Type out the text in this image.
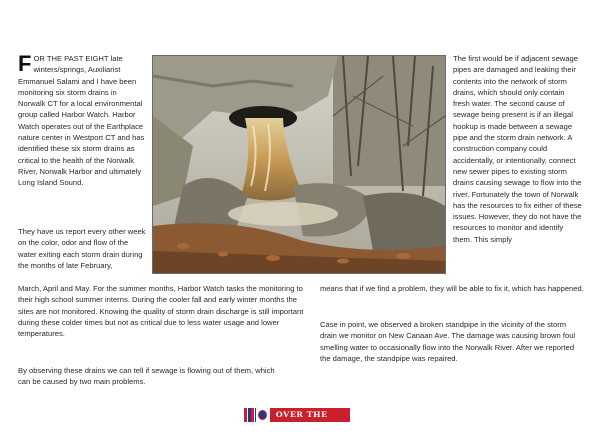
FOR THE PAST EIGHT late winters/springs, Auxiliarist Emmanuel Salami and I have been monitoring six storm drains in Norwalk CT for a local environmental group called Harbor Watch. Harbor Watch operates out of the Earthplace nature center in Westport CT and has identified these six storm drains as critical to the health of the Norwalk River, Norwalk Harbor and ultimately Long Island Sound.

They have us report every other week on the color, odor and flow of the water exiting each storm drain during the months of late February,

The first would be if adjacent sewage pipes are damaged and leaking their contents into the network of storm drains, which should only contain fresh water. The second cause of sewage being present is if an illegal hookup is made between a sewage pipe and the storm drain network. A construction company could accidentally, or intentionally, connect new sewer pipes to existing storm drains causing sewage to flow into the river. Fortunately the town of Norwalk has the resources to fix either of these issues. However, they do not have the resources to monitor and identify them. This simply

March, April and May. For the summer months, Harbor Watch tasks the monitoring to their high school summer interns. During the cooler fall and early winter months the sites are not monitored. Knowing the quality of storm drain discharge is still important during these colder times but not as critical due to less water usage and lower temperatures.

By observing these drains we can tell if sewage is flowing out of them, which can be caused by two main problems.

means that if we find a problem, they will be able to fix it, which has happened.

Case in point, we observed a broken standpipe in the vicinity of the storm drain we monitor on New Canaan Ave. The damage was causing brown foul smelling water to occasionally flow into the Norwalk River. After we reported the damage, the standpipe was repaired.

OVER THE BOW
